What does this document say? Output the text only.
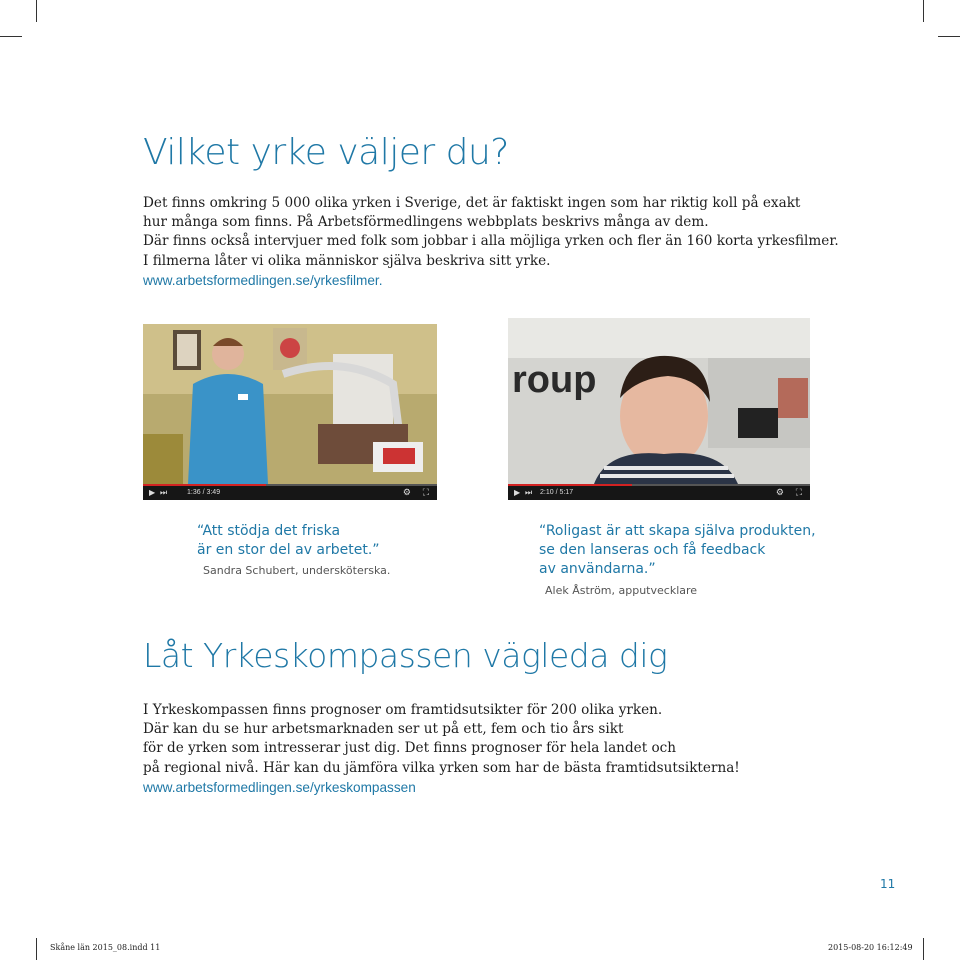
Vilket yrke väljer du?
Det finns omkring 5 000 olika yrken i Sverige, det är faktiskt ingen som har riktig koll på exakt
hur många som finns. På Arbetsförmedlingens webbplats beskrivs många av dem.
Där finns också intervjuer med folk som jobbar i alla möjliga yrken och fler än 160 korta yrkesfilmer.
I filmerna låter vi olika människor själva beskriva sitt yrke.
www.arbetsformedlingen.se/yrkesfilmer.
▶ ⏭	1:36 / 3:49	⚙ ⛶
“Att stödja det friska
är en stor del av arbetet.”
Sandra Schubert, undersköterska.
roup
▶ ⏭ 2:10 / 5:17	⚙ ⛶
“Roligast är att skapa själva produkten,
se den lanseras och få feedback
av användarna.”
Alek Åström, apputvecklare
Låt Yrkeskompassen vägleda dig
I Yrkeskompassen finns prognoser om framtidsutsikter för 200 olika yrken.
Där kan du se hur arbetsmarknaden ser ut på ett, fem och tio års sikt
för de yrken som intresserar just dig. Det finns prognoser för hela landet och
på regional nivå. Här kan du jämföra vilka yrken som har de bästa framtidsutsikterna!
www.arbetsformedlingen.se/yrkeskompassen
11
Skåne län 2015_08.indd 11	2015-08-20 16:12:49
